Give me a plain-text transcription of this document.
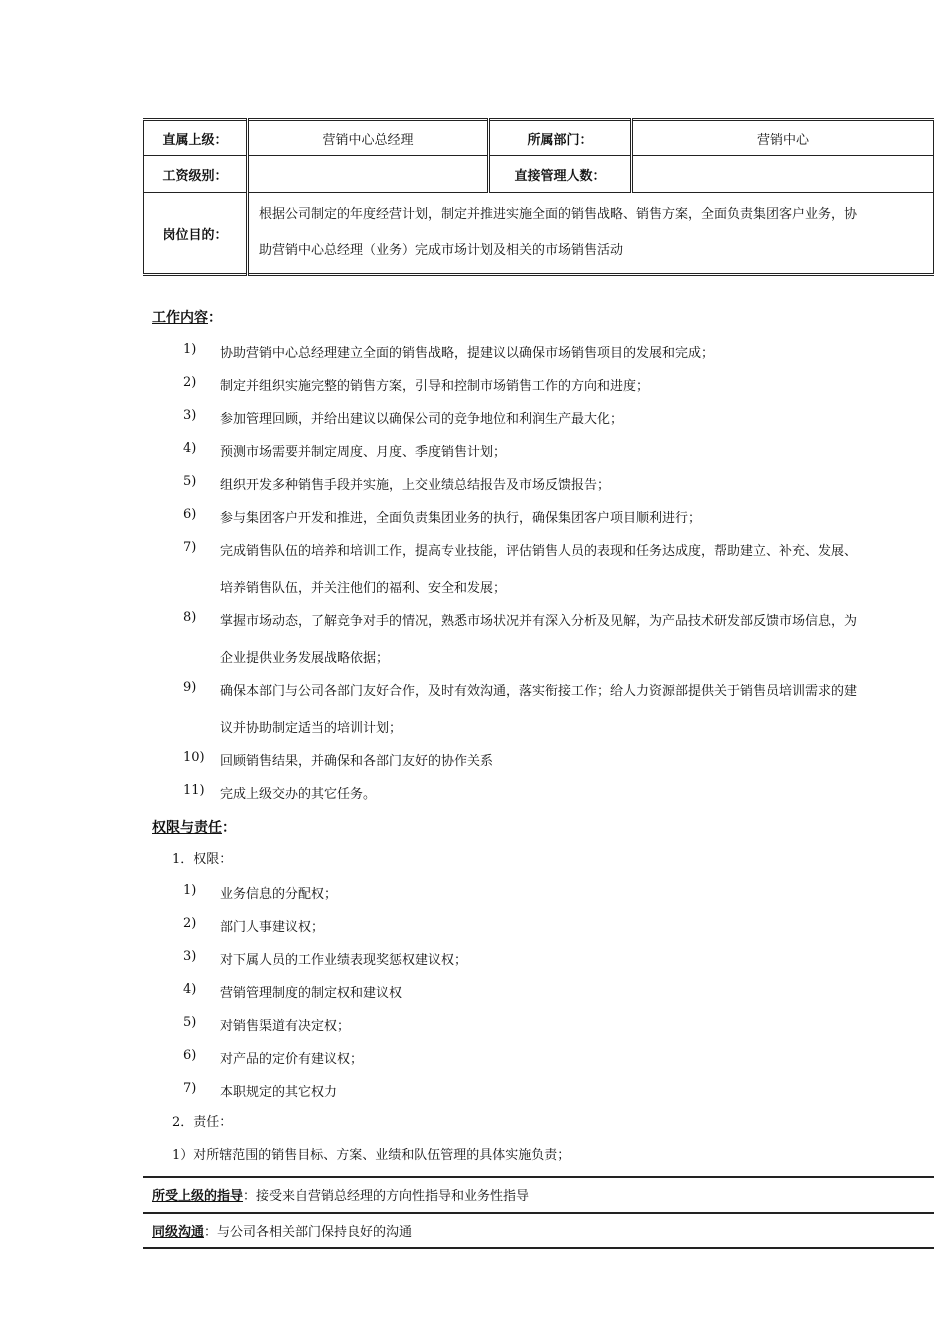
直属上级：	营销中心总经理	所属部门：	营销中心
工资级别：		直接管理人数：	
岗位目的：	根据公司制定的年度经营计划，制定并推进实施全面的销售战略、销售方案，全面负责集团客户业务，协
助营销中心总经理（业务）完成市场计划及相关的市场销售活动		
工作内容：
1)	协助营销中心总经理建立全面的销售战略，提建议以确保市场销售项目的发展和完成；
2)	制定并组织实施完整的销售方案，引导和控制市场销售工作的方向和进度；
3)	参加管理回顾，并给出建议以确保公司的竞争地位和利润生产最大化；
4)	预测市场需要并制定周度、月度、季度销售计划；
5)	组织开发多种销售手段并实施，上交业绩总结报告及市场反馈报告；
6)	参与集团客户开发和推进，全面负责集团业务的执行，确保集团客户项目顺利进行；
7)	完成销售队伍的培养和培训工作，提高专业技能，评估销售人员的表现和任务达成度，帮助建立、补充、发展、
培养销售队伍，并关注他们的福利、安全和发展；
8)	掌握市场动态，了解竞争对手的情况，熟悉市场状况并有深入分析及见解，为产品技术研发部反馈市场信息，为
企业提供业务发展战略依据；
9)	确保本部门与公司各部门友好合作，及时有效沟通，落实衔接工作；给人力资源部提供关于销售员培训需求的建
议并协助制定适当的培训计划；
10)	回顾销售结果，并确保和各部门友好的协作关系
11)	完成上级交办的其它任务。
权限与责任：
1．权限：
1)	业务信息的分配权；
2)	部门人事建议权；
3)	对下属人员的工作业绩表现奖惩权建议权；
4)	营销管理制度的制定权和建议权
5)	对销售渠道有决定权；
6)	对产品的定价有建议权；
7)	本职规定的其它权力
2．责任：
1）对所辖范围的销售目标、方案、业绩和队伍管理的具体实施负责；
所受上级的指导：接受来自营销总经理的方向性指导和业务性指导
同级沟通：与公司各相关部门保持良好的沟通
